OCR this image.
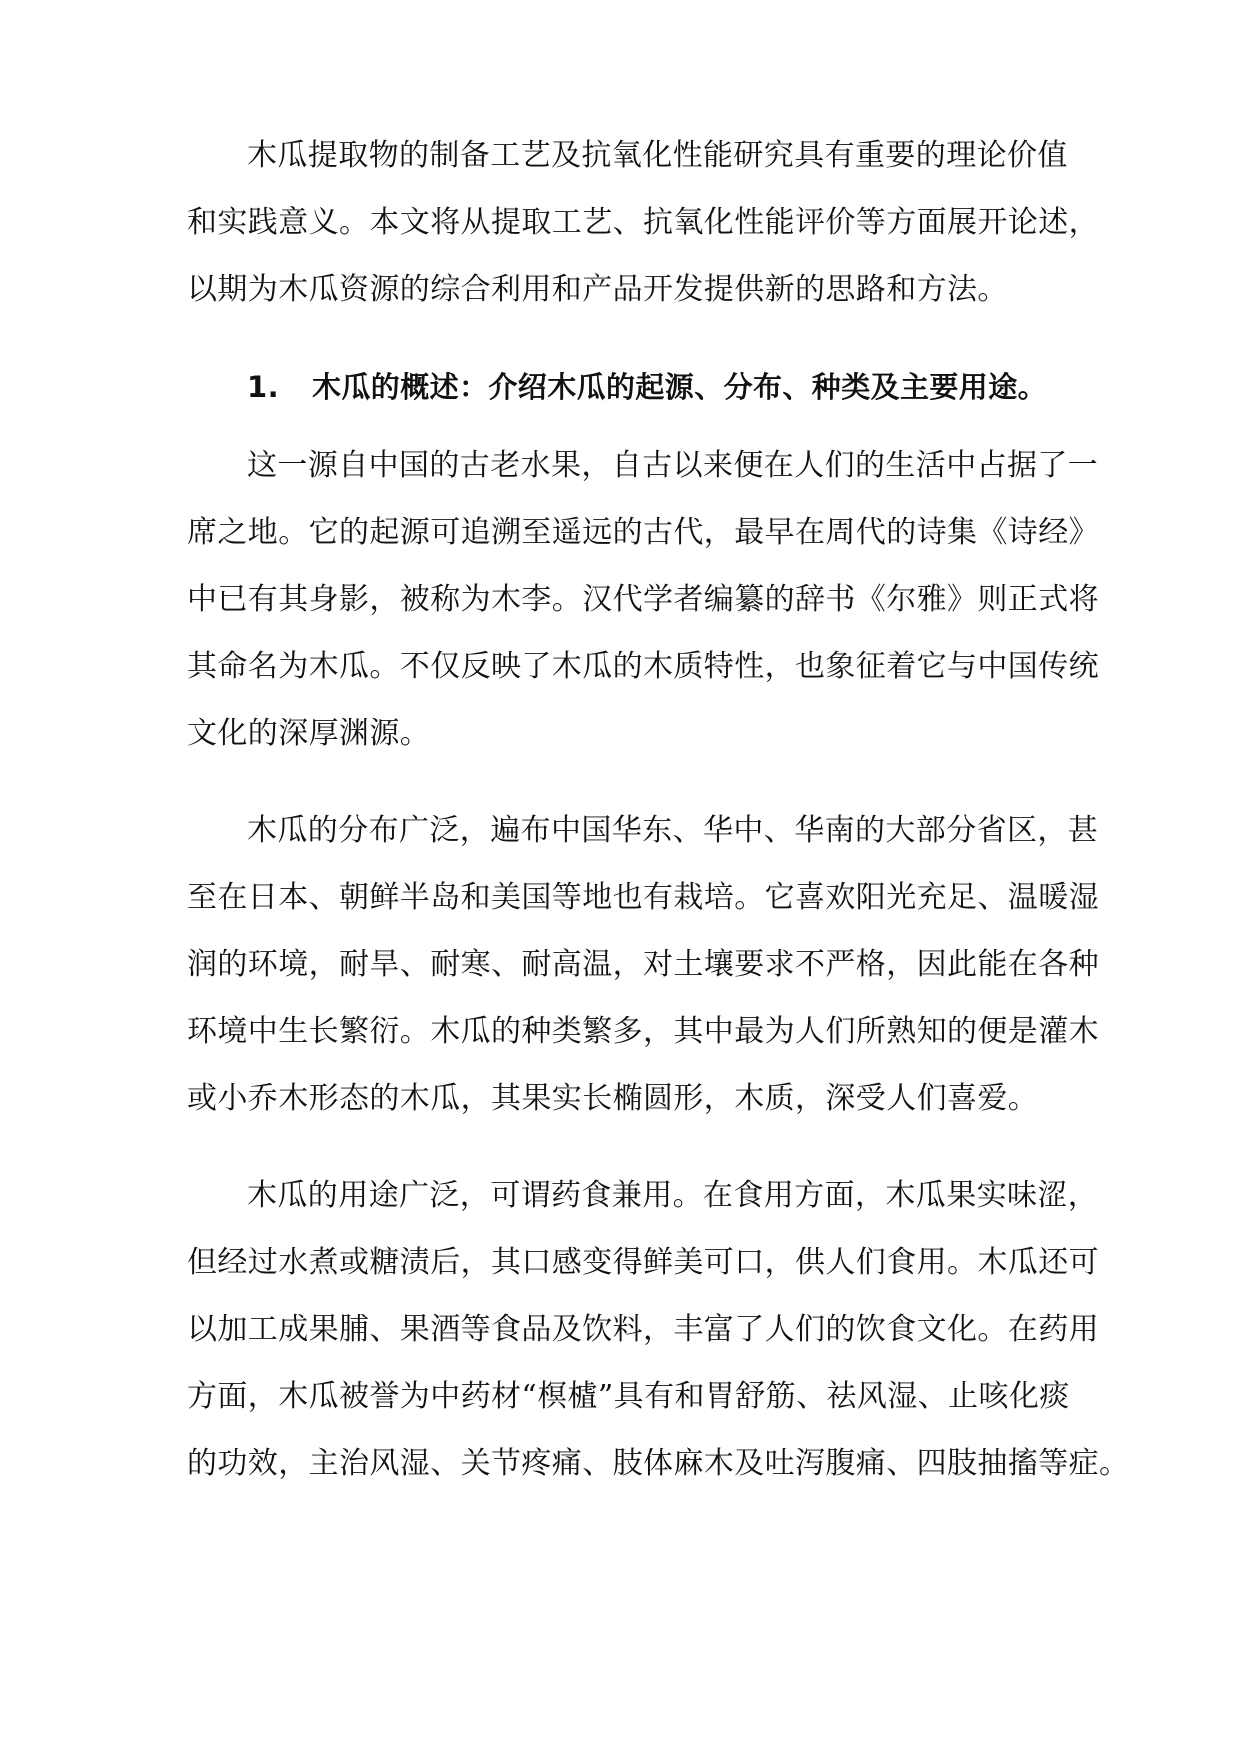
木瓜提取物的制备工艺及抗氧化性能研究具有重要的理论价值
和实践意义。本文将从提取工艺、抗氧化性能评价等方面展开论述，
以期为木瓜资源的综合利用和产品开发提供新的思路和方法。
1. 木瓜的概述：介绍木瓜的起源、分布、种类及主要用途。
这一源自中国的古老水果，自古以来便在人们的生活中占据了一
席之地。它的起源可追溯至遥远的古代，最早在周代的诗集《诗经》
中已有其身影，被称为木李。汉代学者编纂的辞书《尔雅》则正式将
其命名为木瓜。不仅反映了木瓜的木质特性，也象征着它与中国传统
文化的深厚渊源。
木瓜的分布广泛，遍布中国华东、华中、华南的大部分省区，甚
至在日本、朝鲜半岛和美国等地也有栽培。它喜欢阳光充足、温暖湿
润的环境，耐旱、耐寒、耐高温，对土壤要求不严格，因此能在各种
环境中生长繁衍。木瓜的种类繁多，其中最为人们所熟知的便是灌木
或小乔木形态的木瓜，其果实长椭圆形，木质，深受人们喜爱。
木瓜的用途广泛，可谓药食兼用。在食用方面，木瓜果实味涩，
但经过水煮或糖渍后，其口感变得鲜美可口，供人们食用。木瓜还可
以加工成果脯、果酒等食品及饮料，丰富了人们的饮食文化。在药用
方面，木瓜被誉为中药材“榠樝”具有和胃舒筋、祛风湿、止咳化痰
的功效，主治风湿、关节疼痛、肢体麻木及吐泻腹痛、四肢抽搐等症。
